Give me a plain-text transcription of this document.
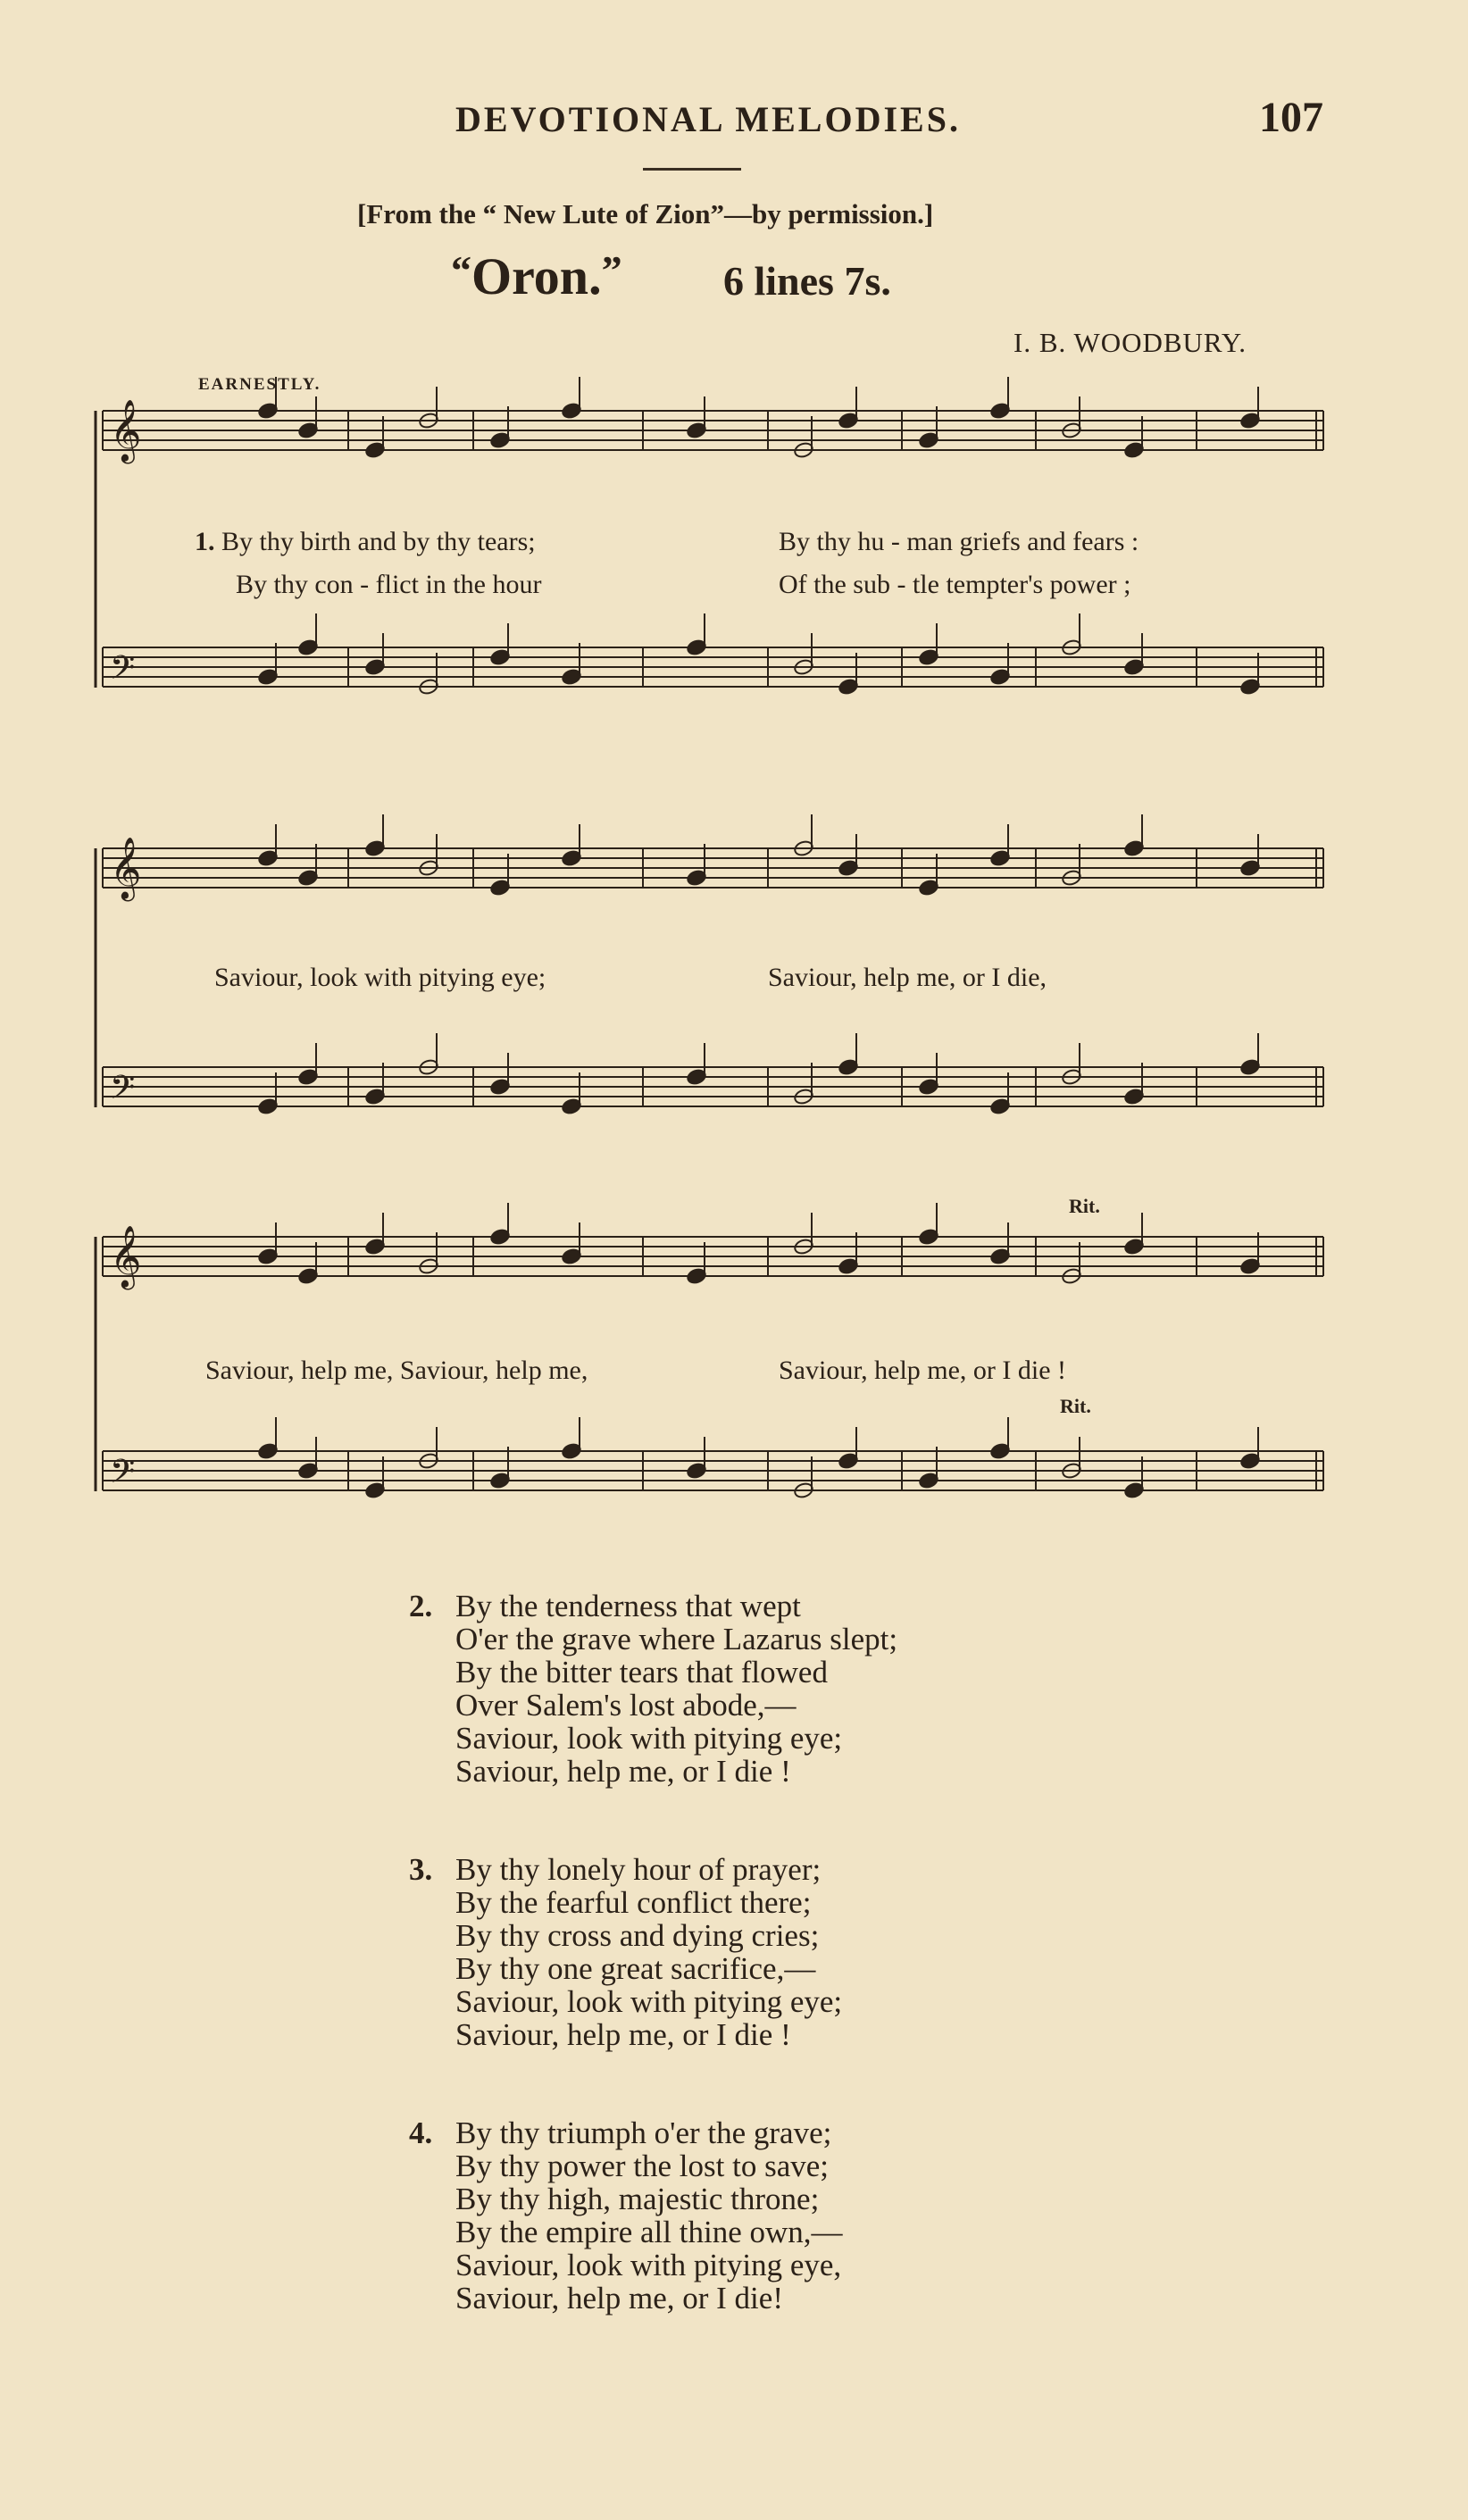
DEVOTIONAL MELODIES.	107
[From the “ New Lute of Zion”—by permission.]
“Oron.” 6 lines 7s.
I. B. WOODBURY.
𝄞
𝄢
𝄞
𝄢
𝄞
𝄢
EARNESTLY.
1. By thy birth and by thy tears;	By thy hu - man griefs and fears :
By thy con - flict in the hour	Of the sub - tle tempter's power ;
Saviour, look with pitying eye;	Saviour, help me, or I die,
Rit.
Saviour, help me, Saviour, help me,	Saviour, help me, or I die !
Rit.
2. By the tenderness that wept
O'er the grave where Lazarus slept;
By the bitter tears that flowed
Over Salem's lost abode,—
Saviour, look with pitying eye;
Saviour, help me, or I die !
3. By thy lonely hour of prayer;
By the fearful conflict there;
By thy cross and dying cries;
By thy one great sacrifice,—
Saviour, look with pitying eye;
Saviour, help me, or I die !
4. By thy triumph o'er the grave;
By thy power the lost to save;
By thy high, majestic throne;
By the empire all thine own,—
Saviour, look with pitying eye,
Saviour, help me, or I die!
